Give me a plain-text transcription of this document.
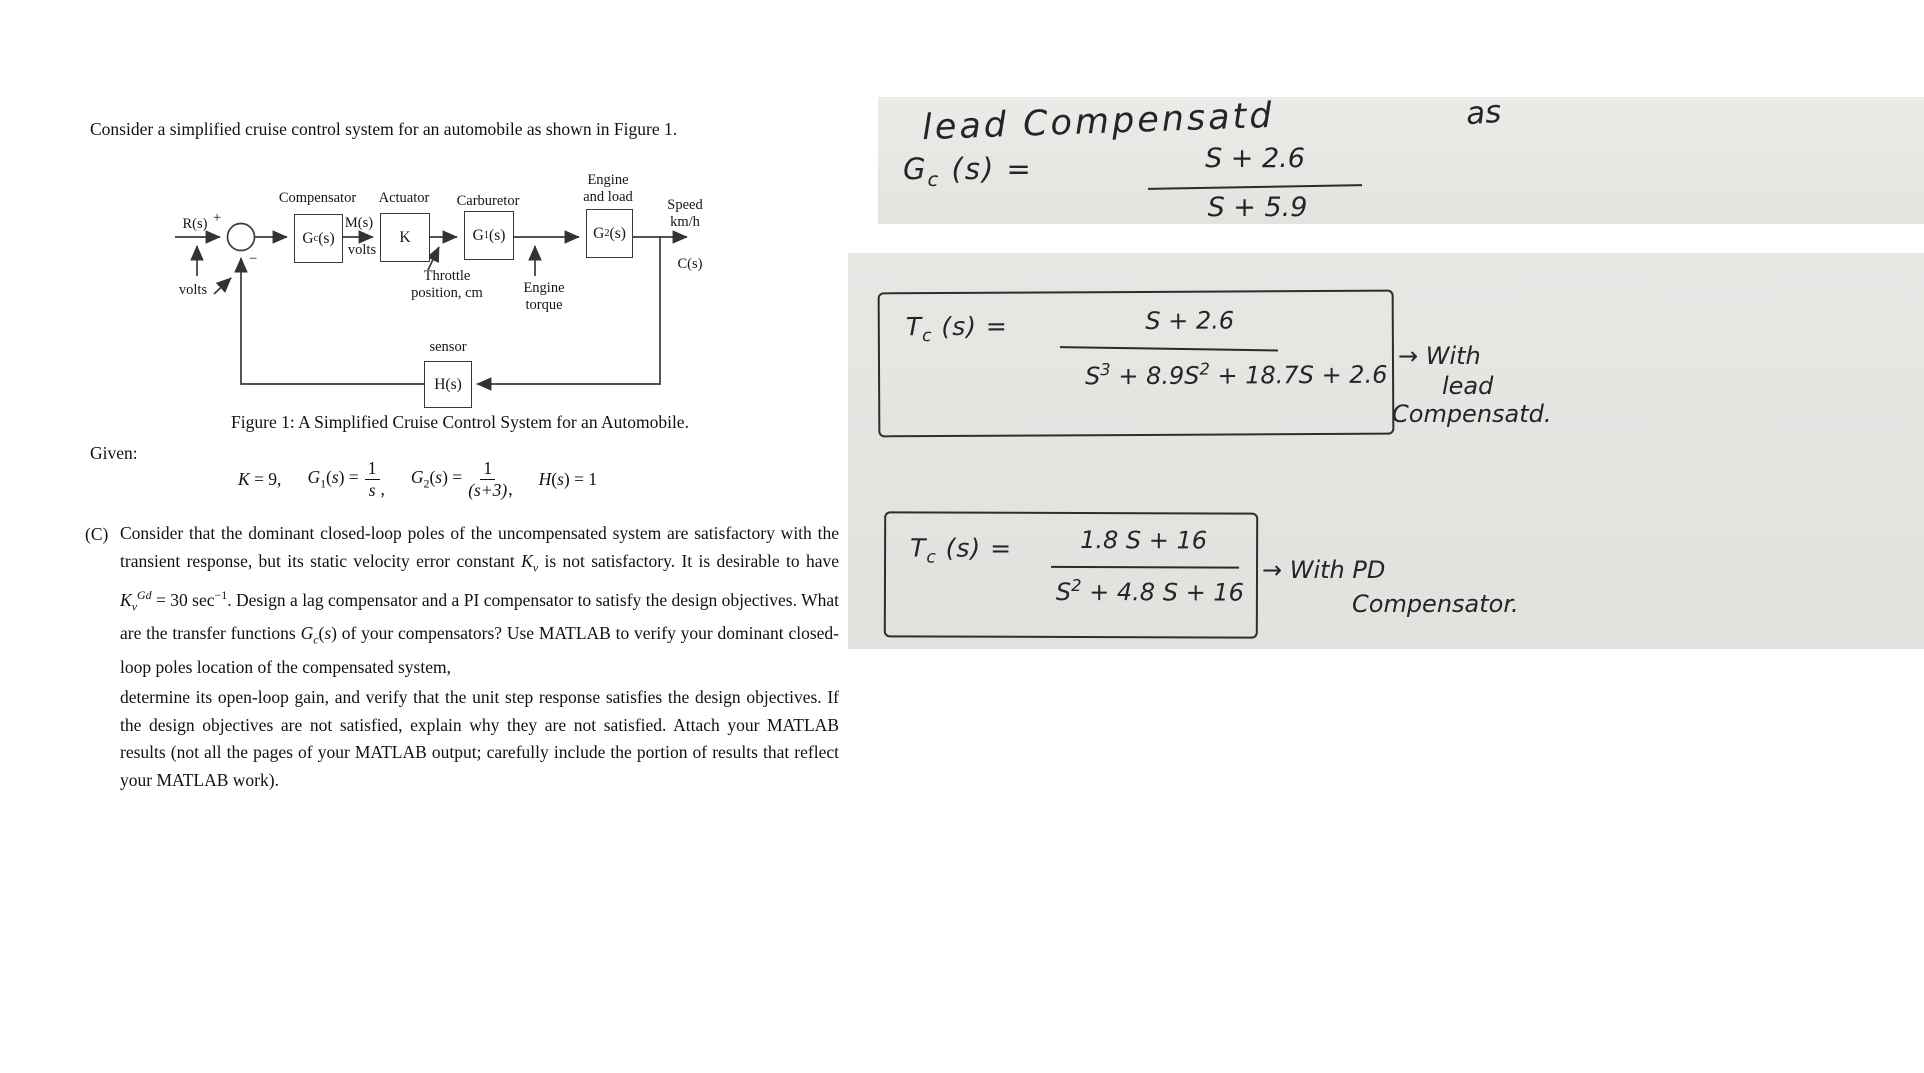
Consider a simplified cruise control system for an automobile as shown in Figure 1.
Compensator	Actuator	Carburetor
Engine
and load
Speed
km/h
R(s) +
−
volts
M(s)
volts
C(s)
sensor
Throttle
position, cm	Engine
torque
G c (s)	K	G 1 (s)	G 2 (s)
H(s)
Figure 1: A Simplified Cruise Control System for an Automobile.
Given:
K = 9, $G_1(s) = \frac{1}{s}$ ,
$G_2(s) = \frac{1}{(s+3)}$ , H(s) = 1
(C) Consider that the dominant closed-loop poles of the uncompensated system are satisfactory with the transient response, but its static velocity error constant $K_v$ is not satisfactory. It is desirable to have $K_v^{Gd} = 30$ $\sec^{-1}$. Design a lag compensator and a PI compensator to satisfy the design objectives. What are the transfer functions $G_c(s)$ of your compensators? Use MATLAB to verify your dominant closed-loop poles location of the compensated system,
determine its open-loop gain, and verify that the unit step response satisfies the design objectives. If the design objectives are not satisfied, explain why they are not satisfied. Attach your MATLAB results (not all the pages of your MATLAB output; carefully include the portion of results that reflect your MATLAB work).
lead Compensatd	as
$G_c$ (s) =	S + 2.6
S + 5.9
$T_c$ (s) =	S + 2.6
$S^3 + 8.9S^2 + 18.7S + 2.6$
→ With
lead
Compensatd.
$T_c$ (s) =	1.8 S + 16
$S^2 + 4.8$ S + 16
→ With PD
Compensator.
